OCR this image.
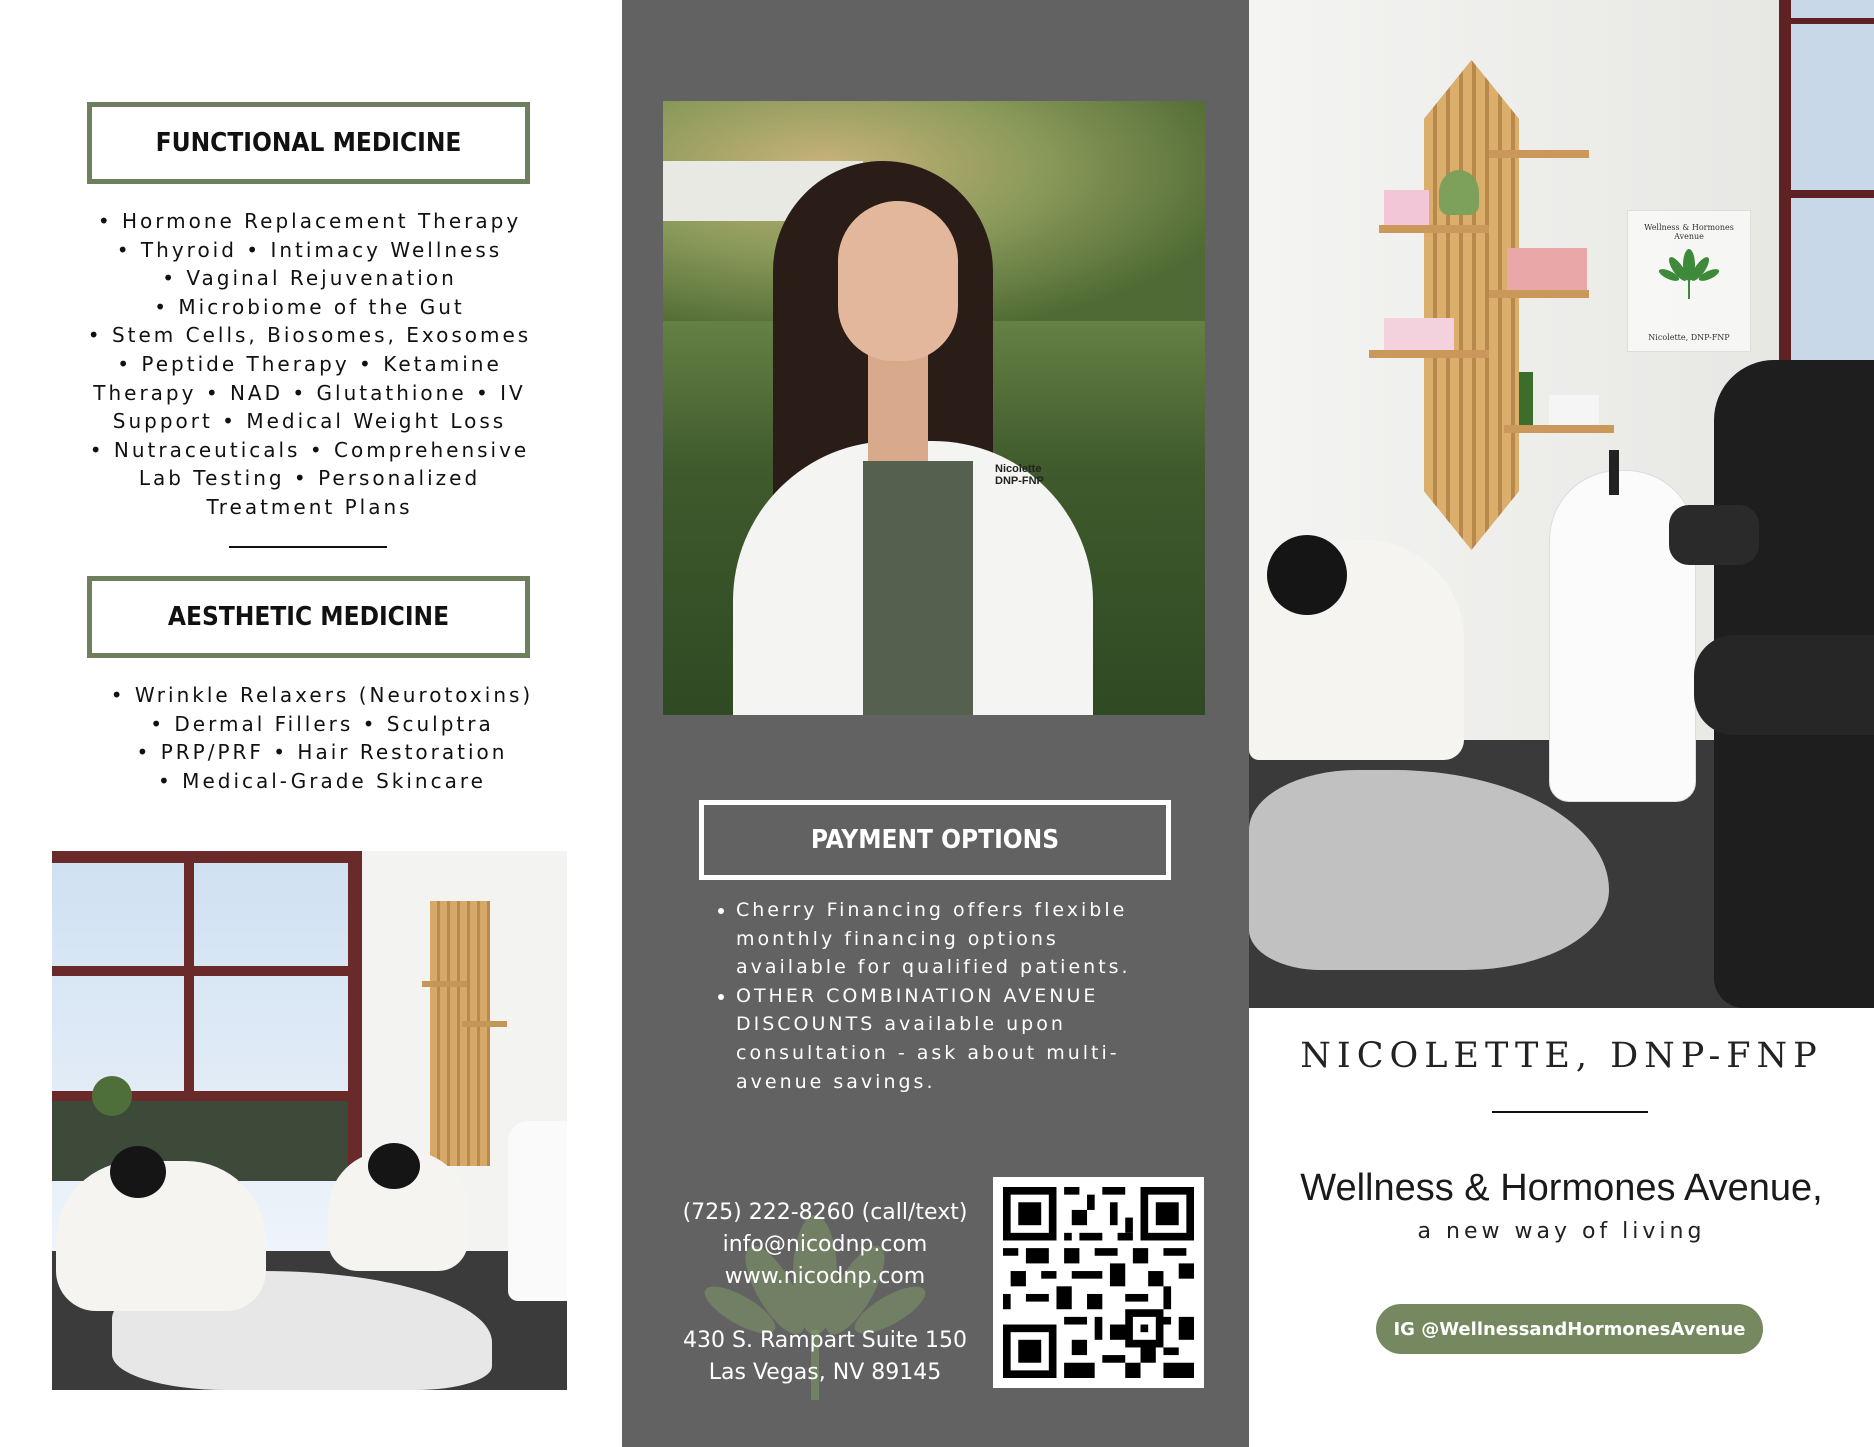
FUNCTIONAL MEDICINE
• Hormone Replacement Therapy
• Thyroid • Intimacy Wellness
• Vaginal Rejuvenation
• Microbiome of the Gut
• Stem Cells, Biosomes, Exosomes
• Peptide Therapy • Ketamine
Therapy • NAD • Glutathione • IV
Support • Medical Weight Loss
• Nutraceuticals • Comprehensive
Lab Testing • Personalized
Treatment Plans
AESTHETIC MEDICINE
• Wrinkle Relaxers (Neurotoxins)
• Dermal Fillers • Sculptra
• PRP/PRF • Hair Restoration
• Medical-Grade Skincare
Nicolette
DNP-FNP
PAYMENT OPTIONS
• Cherry Financing offers flexible monthly financing options available for qualified patients.
• OTHER COMBINATION AVENUE DISCOUNTS available upon consultation - ask about multi-avenue savings.
(725) 222-8260 (call/text)
info@nicodnp.com
www.nicodnp.com
430 S. Rampart Suite 150
Las Vegas, NV 89145
Wellness & Hormones Avenue
Nicolette, DNP-FNP
NICOLETTE, DNP-FNP
Wellness & Hormones Avenue,
a new way of living
IG @WellnessandHormonesAvenue
